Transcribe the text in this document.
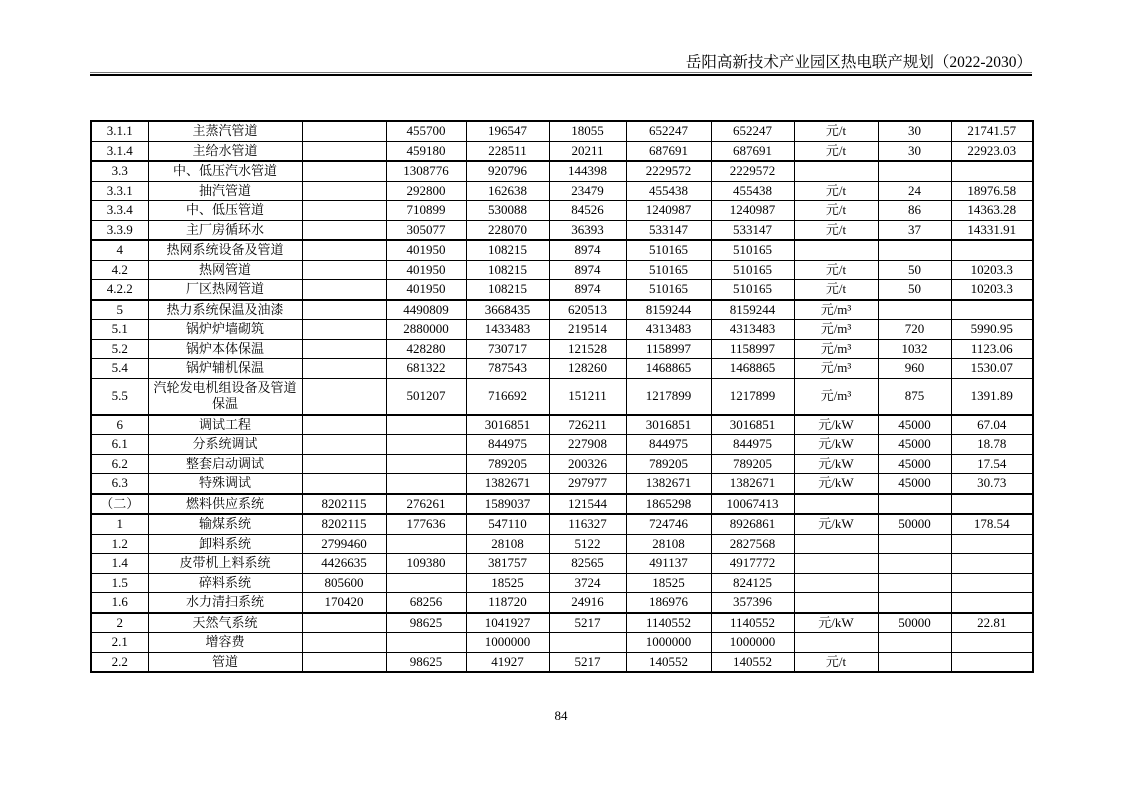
岳阳高新技术产业园区热电联产规划（2022-2030）
3.1.1	主蒸汽管道		455700	196547	18055	652247	652247	元/t	30	21741.57
3.1.4	主给水管道		459180	228511	20211	687691	687691	元/t	30	22923.03
3.3	中、低压汽水管道		1308776	920796	144398	2229572	2229572			
3.3.1	抽汽管道		292800	162638	23479	455438	455438	元/t	24	18976.58
3.3.4	中、低压管道		710899	530088	84526	1240987	1240987	元/t	86	14363.28
3.3.9	主厂房循环水		305077	228070	36393	533147	533147	元/t	37	14331.91
4	热网系统设备及管道		401950	108215	8974	510165	510165			
4.2	热网管道		401950	108215	8974	510165	510165	元/t	50	10203.3
4.2.2	厂区热网管道		401950	108215	8974	510165	510165	元/t	50	10203.3
5	热力系统保温及油漆		4490809	3668435	620513	8159244	8159244	元/m³		
5.1	锅炉炉墙砌筑		2880000	1433483	219514	4313483	4313483	元/m³	720	5990.95
5.2	锅炉本体保温		428280	730717	121528	1158997	1158997	元/m³	1032	1123.06
5.4	锅炉辅机保温		681322	787543	128260	1468865	1468865	元/m³	960	1530.07
5.5	汽轮发电机组设备及管道保温		501207	716692	151211	1217899	1217899	元/m³	875	1391.89
6	调试工程			3016851	726211	3016851	3016851	元/kW	45000	67.04
6.1	分系统调试			844975	227908	844975	844975	元/kW	45000	18.78
6.2	整套启动调试			789205	200326	789205	789205	元/kW	45000	17.54
6.3	特殊调试			1382671	297977	1382671	1382671	元/kW	45000	30.73
（二）	燃料供应系统	8202115	276261	1589037	121544	1865298	10067413			
1	输煤系统	8202115	177636	547110	116327	724746	8926861	元/kW	50000	178.54
1.2	卸料系统	2799460		28108	5122	28108	2827568			
1.4	皮带机上料系统	4426635	109380	381757	82565	491137	4917772			
1.5	碎料系统	805600		18525	3724	18525	824125			
1.6	水力清扫系统	170420	68256	118720	24916	186976	357396			
2	天然气系统		98625	1041927	5217	1140552	1140552	元/kW	50000	22.81
2.1	增容费			1000000		1000000	1000000			
2.2	管道		98625	41927	5217	140552	140552	元/t		
84
